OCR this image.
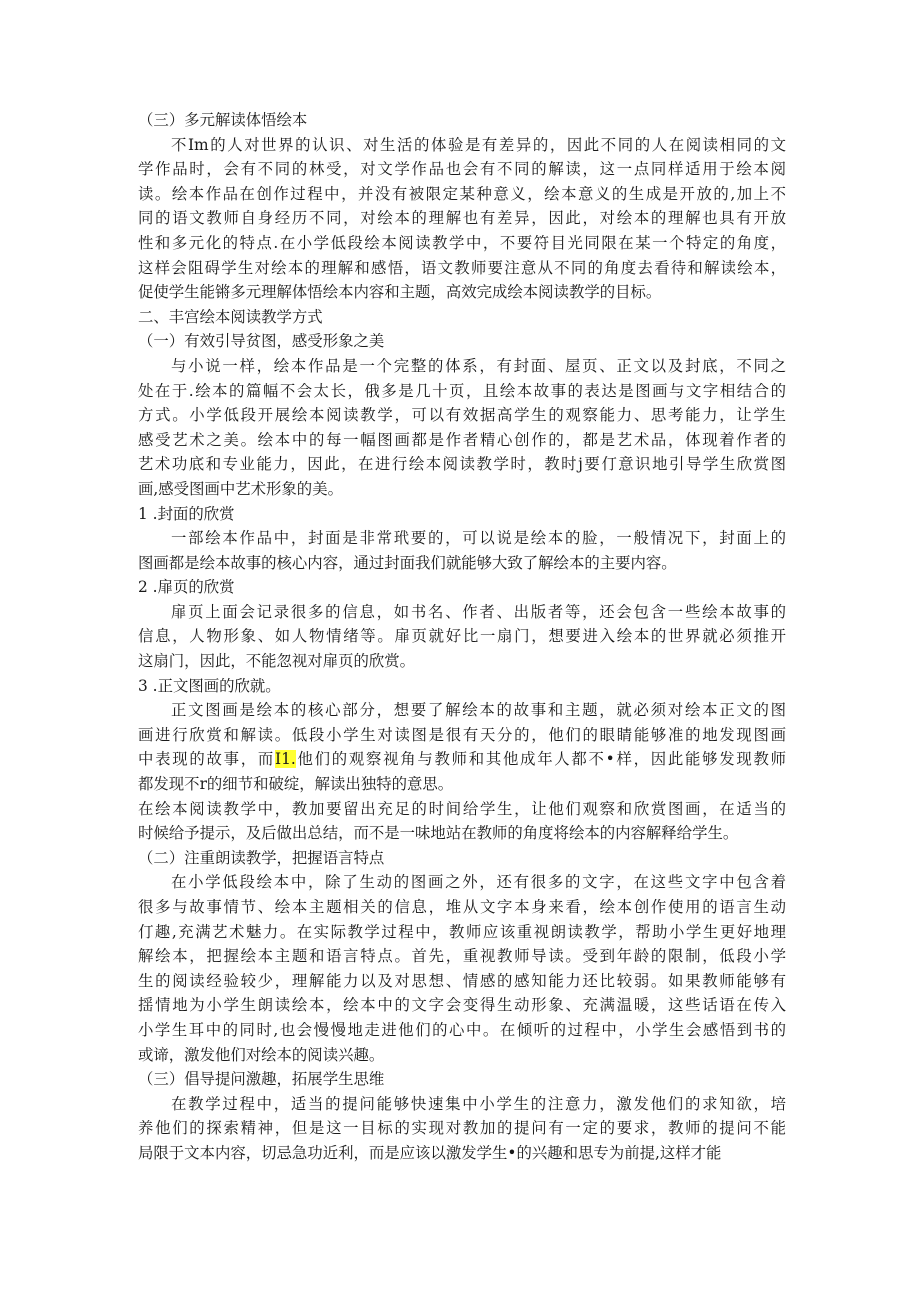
（三）多元解读体悟绘本
不Im的人对世界的认识、对生活的体验是有差异的，因此不同的人在阅读相同的文
学作品时，会有不同的林受，对文学作品也会有不同的解读，这一点同样适用于绘本阅
读。绘本作品在创作过程中，并没有被限定某种意义，绘本意义的生成是开放的,加上不
同的语文教师自身经历不同，对绘本的理解也有差异，因此，对绘本的理解也具有开放
性和多元化的特点.在小学低段绘本阅读教学中，不要符目光同限在某一个特定的角度，
这样会阻碍学生对绘本的理解和感悟，语文教师要注意从不同的角度去看待和解读绘本，
促使学生能锵多元理解体悟绘本内容和主题，高效完成绘本阅读教学的目标。
二、丰宫绘本阅读教学方式
（一）有效引导贫图，感受形象之美
与小说一样，绘本作品是一个完整的体系，有封面、屋页、正文以及封底，不同之
处在于.绘本的篇幅不会太长，俄多是几十页，且绘本故事的表达是图画与文字相结合的
方式。小学低段开展绘本阅读教学，可以有效据高学生的观察能力、思考能力，让学生
感受艺术之美。绘本中的每一幅图画都是作者精心创作的，都是艺术品，体现着作者的
艺术功底和专业能力，因此，在进行绘本阅读教学时，教时j要仃意识地引导学生欣赏图
画,感受图画中艺术形象的美。
1 .封面的欣赏
一部绘本作品中，封面是非常玳要的，可以说是绘本的脸，一般情况下，封面上的
图画都是绘本故事的核心内容，通过封面我们就能够大致了解绘本的主要内容。
2 .扉页的欣赏
扉页上面会记录很多的信息，如书名、作者、出版者等，还会包含一些绘本故事的
信息，人物形象、如人物情绪等。扉页就好比一扇门，想要进入绘本的世界就必须推开
这扇门，因此，不能忽视对扉页的欣赏。
3 .正文图画的欣就。
正文图画是绘本的核心部分，想要了解绘本的故事和主题，就必须对绘本正文的图
画进行欣赏和解读。低段小学生对读图是很有天分的，他们的眼睛能够准的地发现图画
中表现的故事，而I1.他们的观察视角与教师和其他成年人都不•样，因此能够发现教师
都发现不r的细节和破绽，解读出独特的意思。
在绘本阅读教学中，教加要留出充足的时间给学生，让他们观察和欣赏图画，在适当的
时候给予提示，及后做出总结，而不是一味地站在教师的角度将绘本的内容解释给学生。
（二）注重朗读教学，把握语言特点
在小学低段绘本中，除了生动的图画之外，还有很多的文字，在这些文字中包含着
很多与故事情节、绘本主题相关的信息，堆从文字本身来看，绘本创作使用的语言生动
仃趣,充满艺术魅力。在实际教学过程中，教师应该重视朗读教学，帮助小学生更好地理
解绘本，把握绘本主题和语言特点。首先，重视教师导读。受到年龄的限制，低段小学
生的阅读经验较少，理解能力以及对思想、情感的感知能力还比较弱。如果教师能够有
揺情地为小学生朗读绘本，绘本中的文字会变得生动形象、充满温暖，这些话语在传入
小学生耳中的同时,也会慢慢地走进他们的心中。在倾听的过程中，小学生会感悟到书的
或谛，激发他们对绘本的阅读兴趣。
（三）倡导提问激趣，拓展学生思维
在教学过程中，适当的提问能够快速集中小学生的注意力，激发他们的求知欲，培
养他们的探索精神，但是这一目标的实现对教加的提问有一定的要求，教师的提问不能
局限于文本内容，切忌急功近利，而是应该以激发学生•的兴趣和思专为前提,这样才能
